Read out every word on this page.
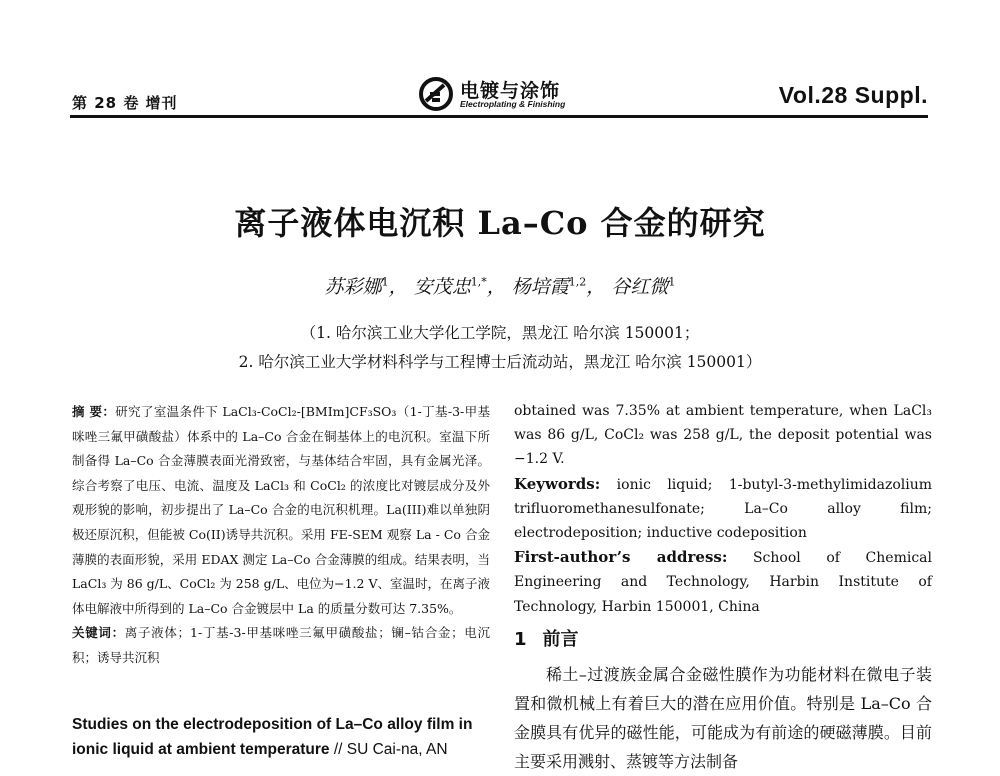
第 28 卷 增刊
电镀与涂饰
Electroplating & Finishing	Vol.28 Suppl.
离子液体电沉积 La–Co 合金的研究
苏彩娜$^1$， 安茂忠$^{1,*}$， 杨培霞$^{1,2}$， 谷红微$^1$
（1. 哈尔滨工业大学化工学院，黑龙江 哈尔滨 150001；
2. 哈尔滨工业大学材料科学与工程博士后流动站，黑龙江 哈尔滨 150001）
摘 要：研究了室温条件下 LaCl₃-CoCl₂-[BMIm]CF₃SO₃（1-丁基-3-甲基咪唑三氟甲磺酸盐）体系中的 La–Co 合金在铜基体上的电沉积。室温下所制备得 La–Co 合金薄膜表面光滑致密，与基体结合牢固，具有金属光泽。综合考察了电压、电流、温度及 LaCl₃ 和 CoCl₂ 的浓度比对镀层成分及外观形貌的影响，初步提出了 La–Co 合金的电沉积机理。La(III)难以单独阴极还原沉积，但能被 Co(II)诱导共沉积。采用 FE-SEM 观察 La - Co 合金薄膜的表面形貌，采用 EDAX 测定 La–Co 合金薄膜的组成。结果表明，当 LaCl₃ 为 86 g/L、CoCl₂ 为 258 g/L、电位为−1.2 V、室温时，在离子液体电解液中所得到的 La–Co 合金镀层中 La 的质量分数可达 7.35%。
关键词：离子液体；1-丁基-3-甲基咪唑三氟甲磺酸盐；镧–钴合金；电沉积；诱导共沉积
Studies on the electrodeposition of La–Co alloy film in ionic liquid at ambient temperature // SU Cai-na, AN
obtained was 7.35% at ambient temperature, when LaCl₃ was 86 g/L, CoCl₂ was 258 g/L, the deposit potential was −1.2 V.
Keywords: ionic liquid; 1-butyl-3-methylimidazolium trifluoromethanesulfonate; La–Co alloy film; electrodeposition; inductive codeposition
First-author’s address: School of Chemical Engineering and Technology, Harbin Institute of Technology, Harbin 150001, China
1 前言
稀土–过渡族金属合金磁性膜作为功能材料在微电子装置和微机械上有着巨大的潜在应用价值。特别是 La–Co 合金膜具有优异的磁性能，可能成为有前途的硬磁薄膜。目前主要采用溅射、蒸镀等方法制备
